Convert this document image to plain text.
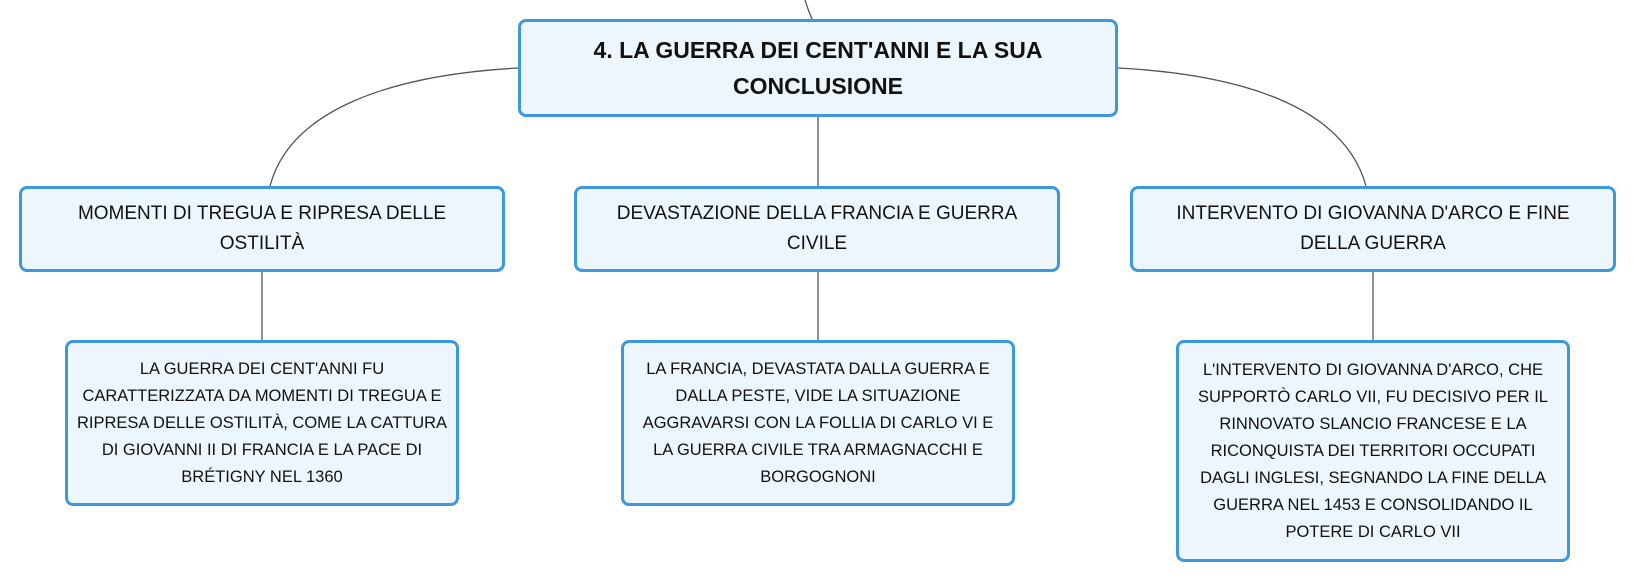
4. LA GUERRA DEI CENT'ANNI E LA SUA CONCLUSIONE
MOMENTI DI TREGUA E RIPRESA DELLE OSTILITÀ
DEVASTAZIONE DELLA FRANCIA E GUERRA CIVILE
INTERVENTO DI GIOVANNA D'ARCO E FINE DELLA GUERRA
LA GUERRA DEI CENT'ANNI FU CARATTERIZZATA DA MOMENTI DI TREGUA E RIPRESA DELLE OSTILITÀ, COME LA CATTURA DI GIOVANNI II DI FRANCIA E LA PACE DI BRÉTIGNY NEL 1360
LA FRANCIA, DEVASTATA DALLA GUERRA E DALLA PESTE, VIDE LA SITUAZIONE AGGRAVARSI CON LA FOLLIA DI CARLO VI E LA GUERRA CIVILE TRA ARMAGNACCHI E BORGOGNONI
L'INTERVENTO DI GIOVANNA D'ARCO, CHE SUPPORTÒ CARLO VII, FU DECISIVO PER IL RINNOVATO SLANCIO FRANCESE E LA RICONQUISTA DEI TERRITORI OCCUPATI DAGLI INGLESI, SEGNANDO LA FINE DELLA GUERRA NEL 1453 E CONSOLIDANDO IL POTERE DI CARLO VII
